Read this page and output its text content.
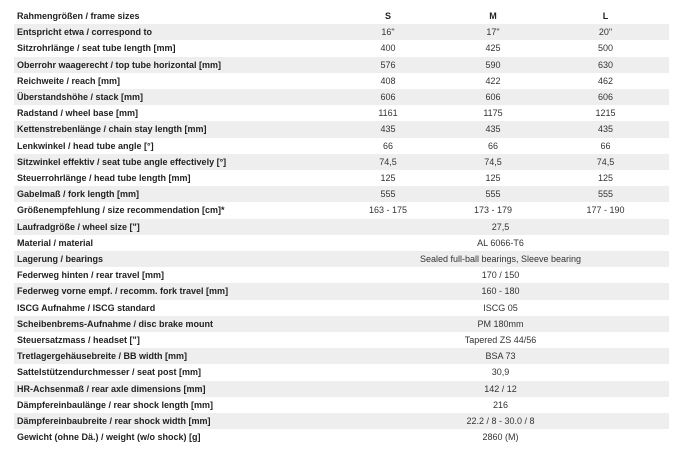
Rahmengrößen / frame sizes	S	M	L
Entspricht etwa / correspond to	16"	17"	20"
Sitzrohrlänge / seat tube length [mm]	400	425	500
Oberrohr waagerecht / top tube horizontal [mm]	576	590	630
Reichweite / reach [mm]	408	422	462
Überstandshöhe / stack [mm]	606	606	606
Radstand / wheel base [mm]	1161	1175	1215
Kettenstrebenlänge / chain stay length [mm]	435	435	435
Lenkwinkel / head tube angle [°]	66	66	66
Sitzwinkel effektiv / seat tube angle effectively [°]	74,5	74,5	74,5
Steuerrohrlänge / head tube length [mm]	125	125	125
Gabelmaß / fork length [mm]	555	555	555
Größenempfehlung / size recommendation [cm]*	163 - 175	173 - 179	177 - 190
Laufradgröße / wheel size ["]	27,5		
Material / material	AL 6066-T6		
Lagerung / bearings	Sealed full-ball bearings, Sleeve bearing		
Federweg hinten / rear travel [mm]	170 / 150		
Federweg vorne empf. / recomm. fork travel [mm]	160 - 180		
ISCG Aufnahme / ISCG standard	ISCG 05		
Scheibenbrems-Aufnahme / disc brake mount	PM 180mm		
Steuersatzmass / headset ["]	Tapered ZS 44/56		
Tretlagergehäusebreite / BB width [mm]	BSA 73		
Sattelstützendurchmesser / seat post [mm]	30,9		
HR-Achsenmaß / rear axle dimensions [mm]	142 / 12		
Dämpfereinbaulänge / rear shock length [mm]	216		
Dämpfereinbaubreite / rear shock width [mm]	22.2 / 8 - 30.0 / 8		
Gewicht (ohne Dä.) / weight (w/o shock) [g]	2860 (M)		
